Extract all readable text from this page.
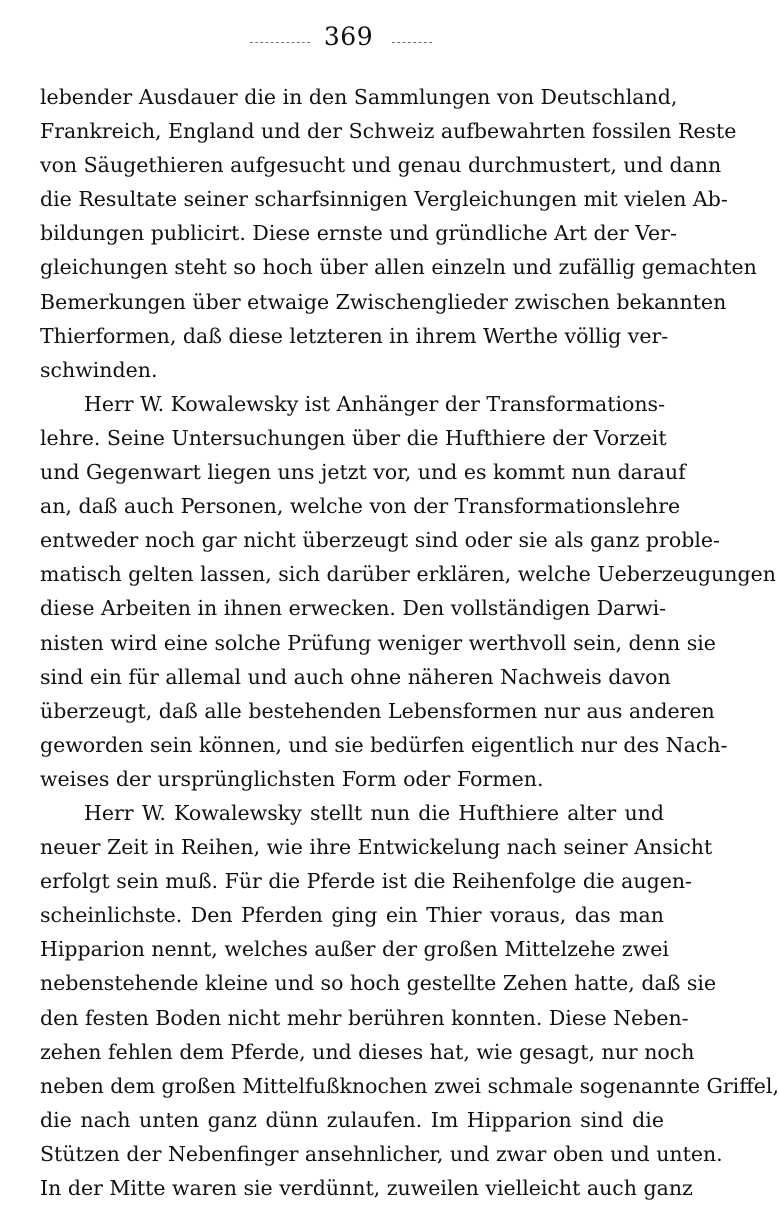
369
lebender Ausdauer die in den Sammlungen von Deutschland,
Frankreich, England und der Schweiz aufbewahrten fossilen Reste
von Säugethieren aufgesucht und genau durchmustert, und dann
die Resultate seiner scharfsinnigen Vergleichungen mit vielen Ab-
bildungen publicirt. Diese ernste und gründliche Art der Ver-
gleichungen steht so hoch über allen einzeln und zufällig gemachten
Bemerkungen über etwaige Zwischenglieder zwischen bekannten
Thierformen, daß diese letzteren in ihrem Werthe völlig ver-
schwinden.
Herr W. Kowalewsky ist Anhänger der Transformations-
lehre. Seine Untersuchungen über die Hufthiere der Vorzeit
und Gegenwart liegen uns jetzt vor, und es kommt nun darauf
an, daß auch Personen, welche von der Transformationslehre
entweder noch gar nicht überzeugt sind oder sie als ganz proble-
matisch gelten lassen, sich darüber erklären, welche Ueberzeugungen
diese Arbeiten in ihnen erwecken. Den vollständigen Darwi-
nisten wird eine solche Prüfung weniger werthvoll sein, denn sie
sind ein für allemal und auch ohne näheren Nachweis davon
überzeugt, daß alle bestehenden Lebensformen nur aus anderen
geworden sein können, und sie bedürfen eigentlich nur des Nach-
weises der ursprünglichsten Form oder Formen.
Herr W. Kowalewsky stellt nun die Hufthiere alter und
neuer Zeit in Reihen, wie ihre Entwickelung nach seiner Ansicht
erfolgt sein muß. Für die Pferde ist die Reihenfolge die augen-
scheinlichste. Den Pferden ging ein Thier voraus, das man
Hipparion nennt, welches außer der großen Mittelzehe zwei
nebenstehende kleine und so hoch gestellte Zehen hatte, daß sie
den festen Boden nicht mehr berühren konnten. Diese Neben-
zehen fehlen dem Pferde, und dieses hat, wie gesagt, nur noch
neben dem großen Mittelfußknochen zwei schmale sogenannte Griffel,
die nach unten ganz dünn zulaufen. Im Hipparion sind die
Stützen der Nebenfinger ansehnlicher, und zwar oben und unten.
In der Mitte waren sie verdünnt, zuweilen vielleicht auch ganz
